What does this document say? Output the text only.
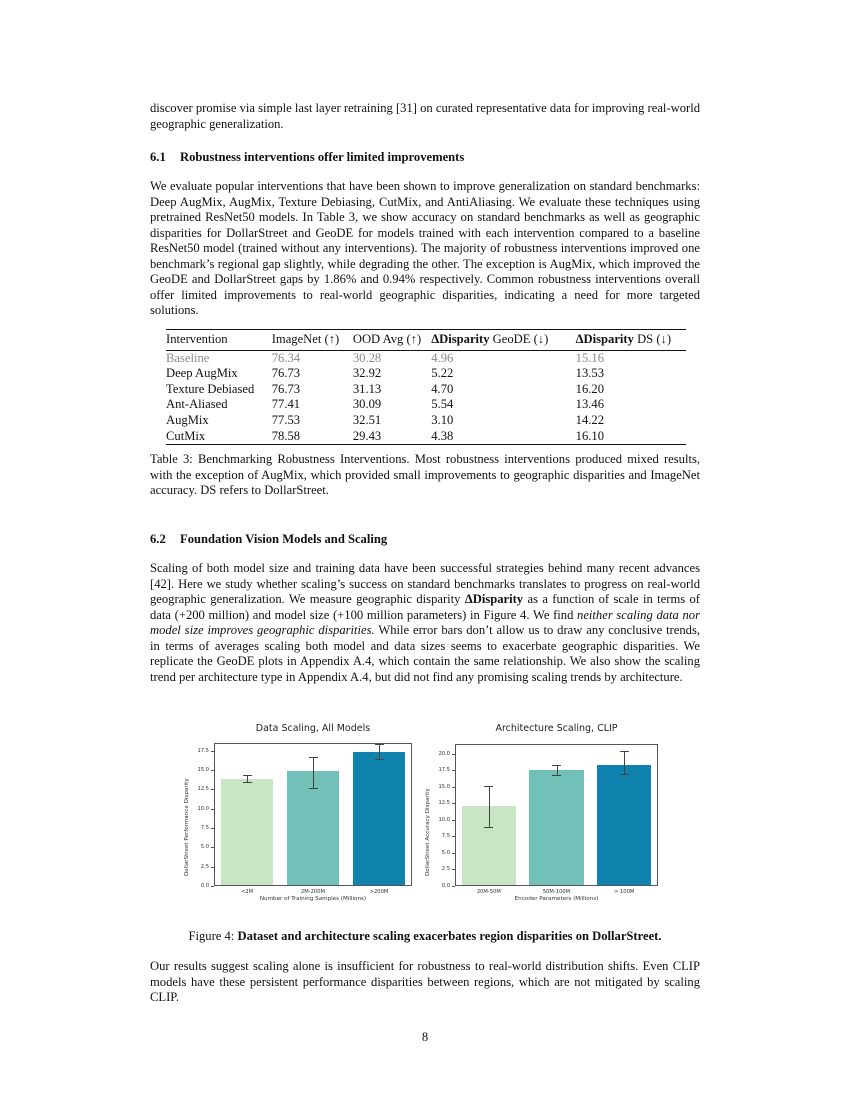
discover promise via simple last layer retraining [31] on curated representative data for improving real-world geographic generalization.

6.1 Robustness interventions offer limited improvements

We evaluate popular interventions that have been shown to improve generalization on standard benchmarks: Deep AugMix, AugMix, Texture Debiasing, CutMix, and AntiAliasing. We evaluate these techniques using pretrained ResNet50 models. In Table 3, we show accuracy on standard benchmarks as well as geographic disparities for DollarStreet and GeoDE for models trained with each intervention compared to a baseline ResNet50 model (trained without any interventions). The majority of robustness interventions improved one benchmark’s regional gap slightly, while degrading the other. The exception is AugMix, which improved the GeoDE and DollarStreet gaps by 1.86% and 0.94% respectively. Common robustness interventions overall offer limited improvements to real-world geographic disparities, indicating a need for more targeted solutions.

Intervention	ImageNet (↑)	OOD Avg (↑)	ΔDisparity GeoDE (↓)	ΔDisparity DS (↓)
Baseline	76.34	30.28	4.96	15.16
Deep AugMix	76.73	32.92	5.22	13.53
Texture Debiased	76.73	31.13	4.70	16.20
Ant-Aliased	77.41	30.09	5.54	13.46
AugMix	77.53	32.51	3.10	14.22
CutMix	78.58	29.43	4.38	16.10
Table 3: Benchmarking Robustness Interventions. Most robustness interventions produced mixed results, with the exception of AugMix, which provided small improvements to geographic disparities and ImageNet accuracy. DS refers to DollarStreet.
6.2 Foundation Vision Models and Scaling

Scaling of both model size and training data have been successful strategies behind many recent advances [42]. Here we study whether scaling’s success on standard benchmarks translates to progress on real-world geographic generalization. We measure geographic disparity ΔDisparity as a function of scale in terms of data (+200 million) and model size (+100 million parameters) in Figure 4. We find neither scaling data nor model size improves geographic disparities. While error bars don’t allow us to draw any conclusive trends, in terms of averages scaling both model and data sizes seems to exacerbate geographic disparities. We replicate the GeoDE plots in Appendix A.4, which contain the same relationship. We also show the scaling trend per architecture type in Appendix A.4, but did not find any promising scaling trends by architecture.

Data Scaling, All Models
0.0
2.5
5.0
7.5
10.0
12.5
15.0
17.5
<2M	2M-200M	>200M
Number of Training Samples (Millions)
DollarStreet Performance Disparity
Architecture Scaling, CLIP
0.0
2.5
5.0
7.5
10.0
12.5
15.0
17.5
20.0
20M-50M	50M-100M	> 100M
Encoder Parameters (Millions)
DollarStreet Accuracy Disparity
Figure 4: Dataset and architecture scaling exacerbates region disparities on DollarStreet.

Our results suggest scaling alone is insufficient for robustness to real-world distribution shifts. Even CLIP models have these persistent performance disparities between regions, which are not mitigated by scaling CLIP.

8
